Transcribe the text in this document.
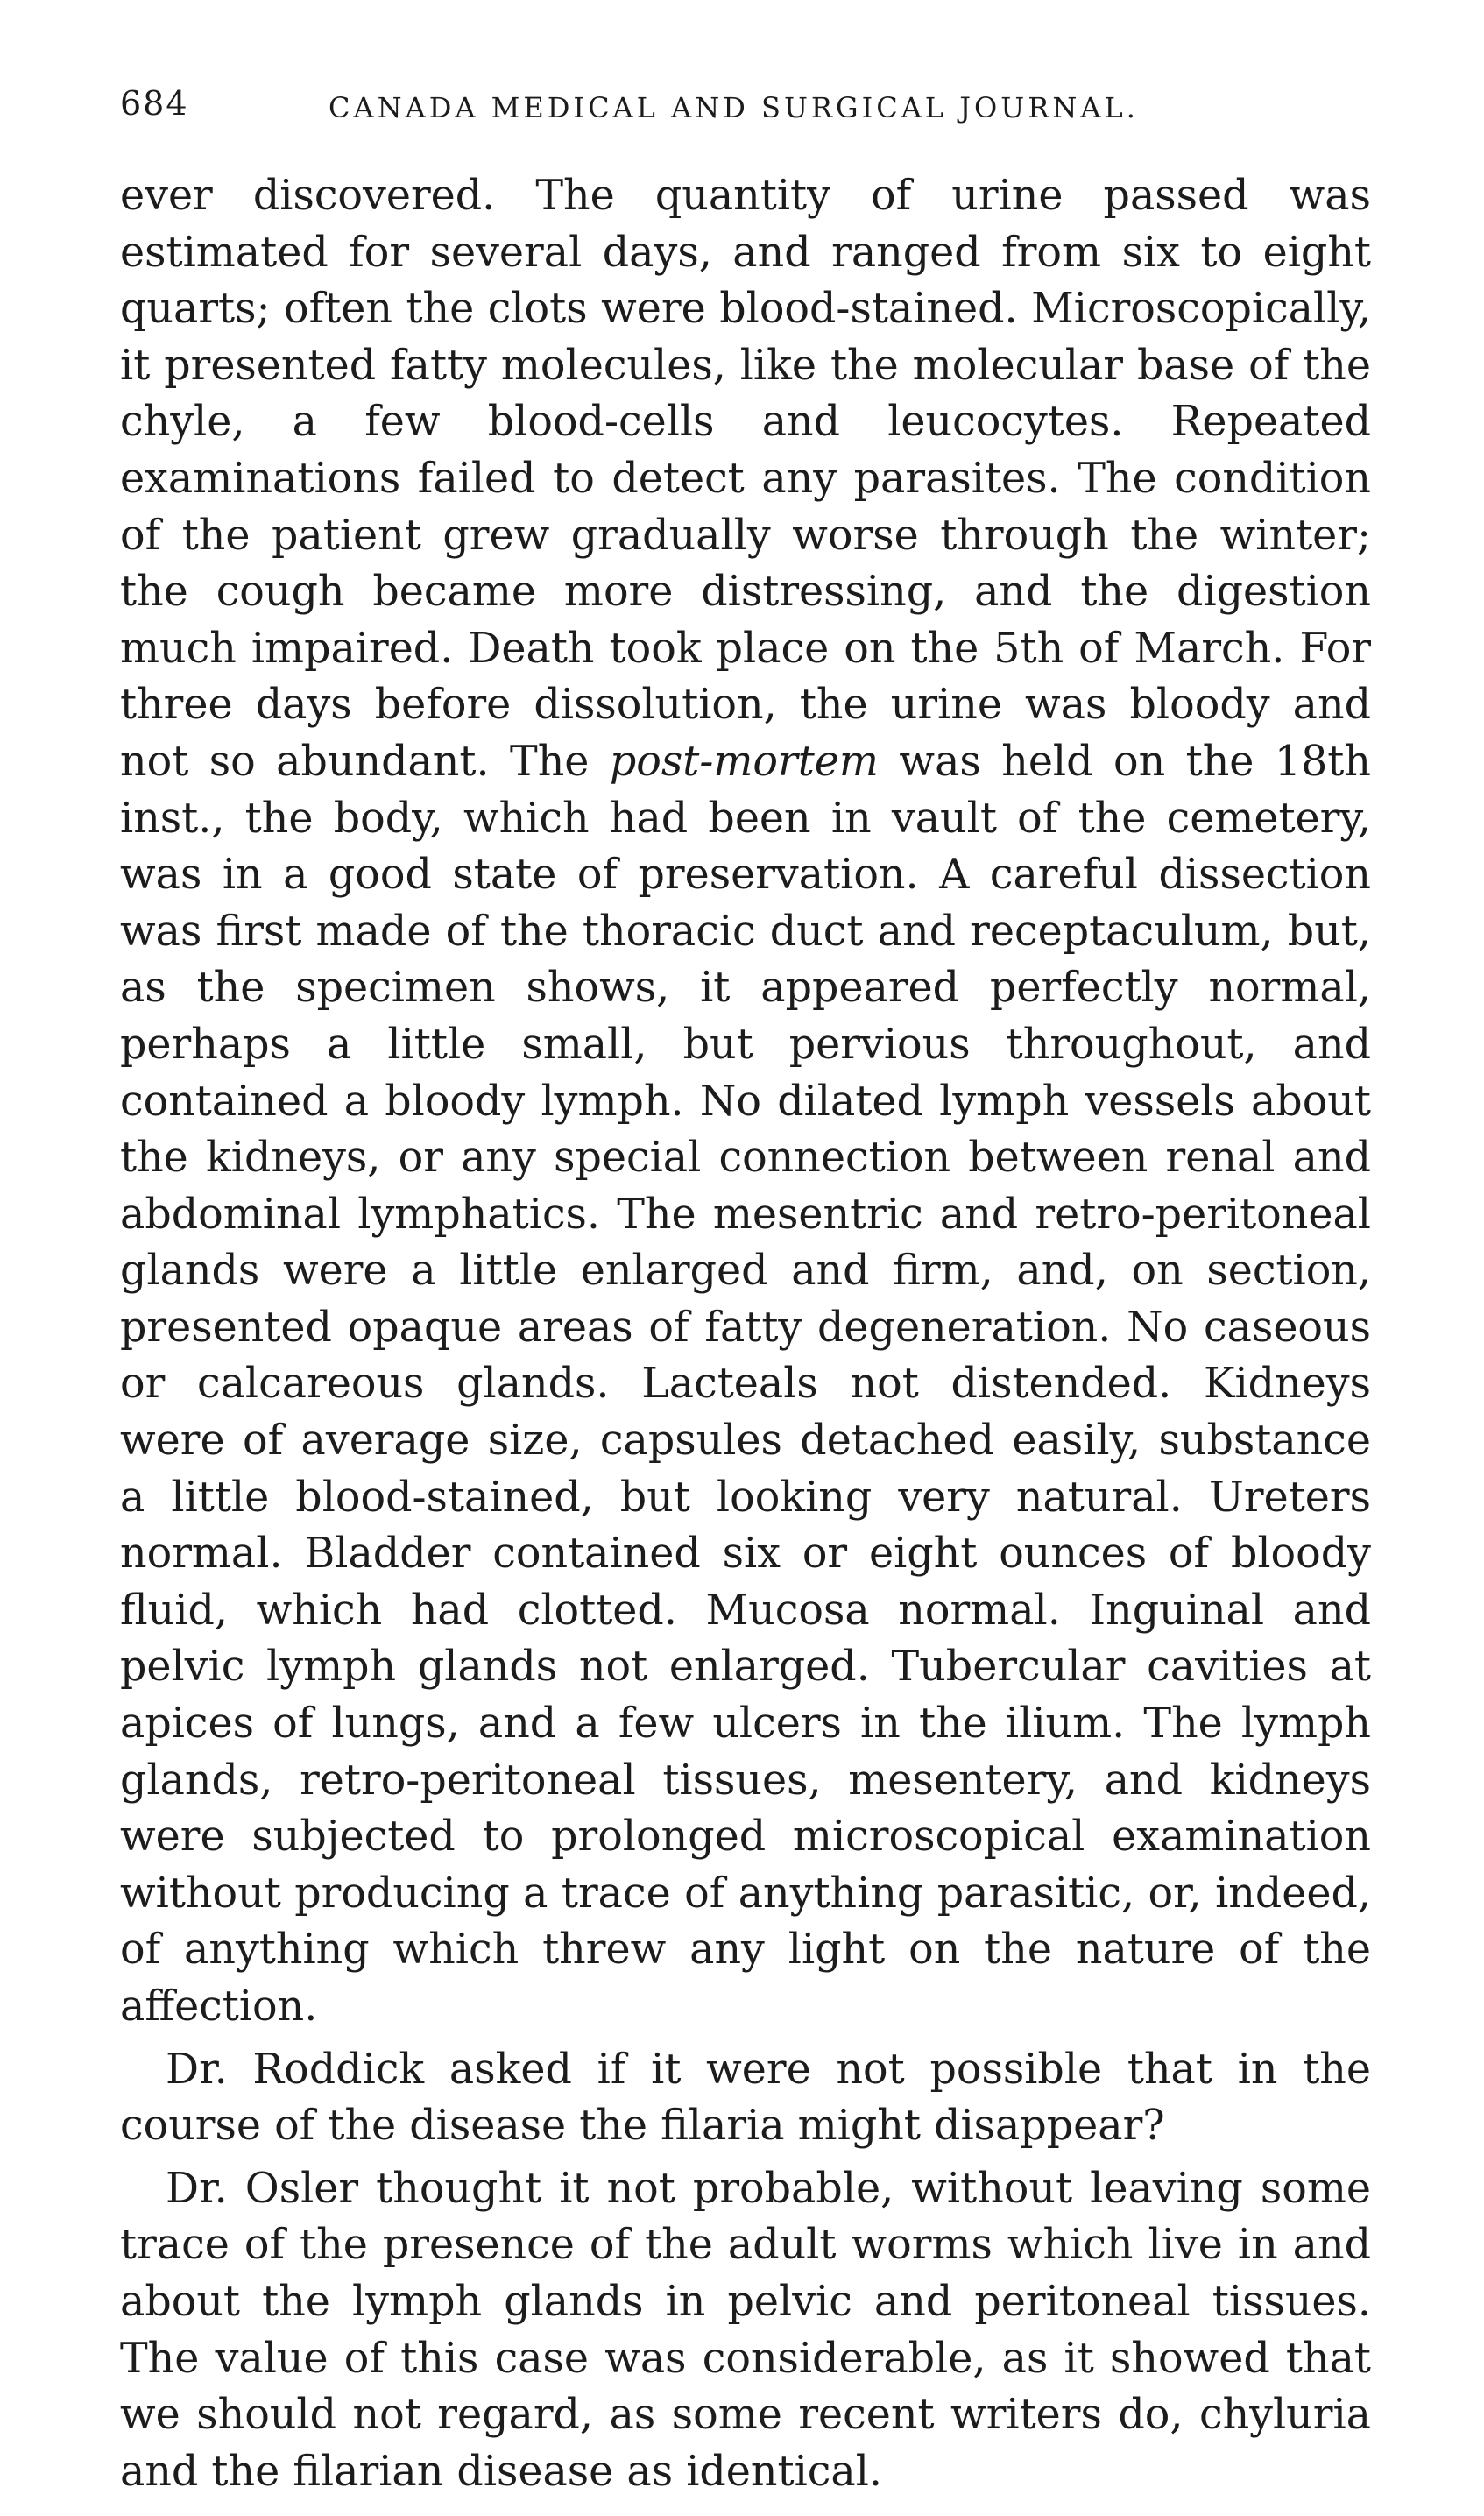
684	CANADA MEDICAL AND SURGICAL JOURNAL.

ever discovered. The quantity of urine passed was estimated for several days, and ranged from six to eight quarts; often the clots were blood-stained. Microscopically, it presented fatty molecules, like the molecular base of the chyle, a few blood-cells and leucocytes. Repeated examinations failed to detect any parasites. The condition of the patient grew gradually worse through the winter; the cough became more distressing, and the digestion much impaired. Death took place on the 5th of March. For three days before dissolution, the urine was bloody and not so abundant. The post-mortem was held on the 18th inst., the body, which had been in vault of the cemetery, was in a good state of preservation. A careful dissection was first made of the thoracic duct and receptaculum, but, as the specimen shows, it appeared perfectly normal, perhaps a little small, but pervious throughout, and contained a bloody lymph. No dilated lymph vessels about the kidneys, or any special connection between renal and abdominal lymphatics. The mesentric and retro-peritoneal glands were a little enlarged and firm, and, on section, presented opaque areas of fatty degeneration. No caseous or calcareous glands. Lacteals not distended. Kidneys were of average size, capsules detached easily, substance a little blood-stained, but looking very natural. Ureters normal. Bladder contained six or eight ounces of bloody fluid, which had clotted. Mucosa normal. Inguinal and pelvic lymph glands not enlarged. Tubercular cavities at apices of lungs, and a few ulcers in the ilium. The lymph glands, retro-peritoneal tissues, mesentery, and kidneys were subjected to prolonged microscopical examination without producing a trace of anything parasitic, or, indeed, of anything which threw any light on the nature of the affection.

Dr. Roddick asked if it were not possible that in the course of the disease the filaria might disappear?

Dr. Osler thought it not probable, without leaving some trace of the presence of the adult worms which live in and about the lymph glands in pelvic and peritoneal tissues. The value of this case was considerable, as it showed that we should not regard, as some recent writers do, chyluria and the filarian disease as identical.
